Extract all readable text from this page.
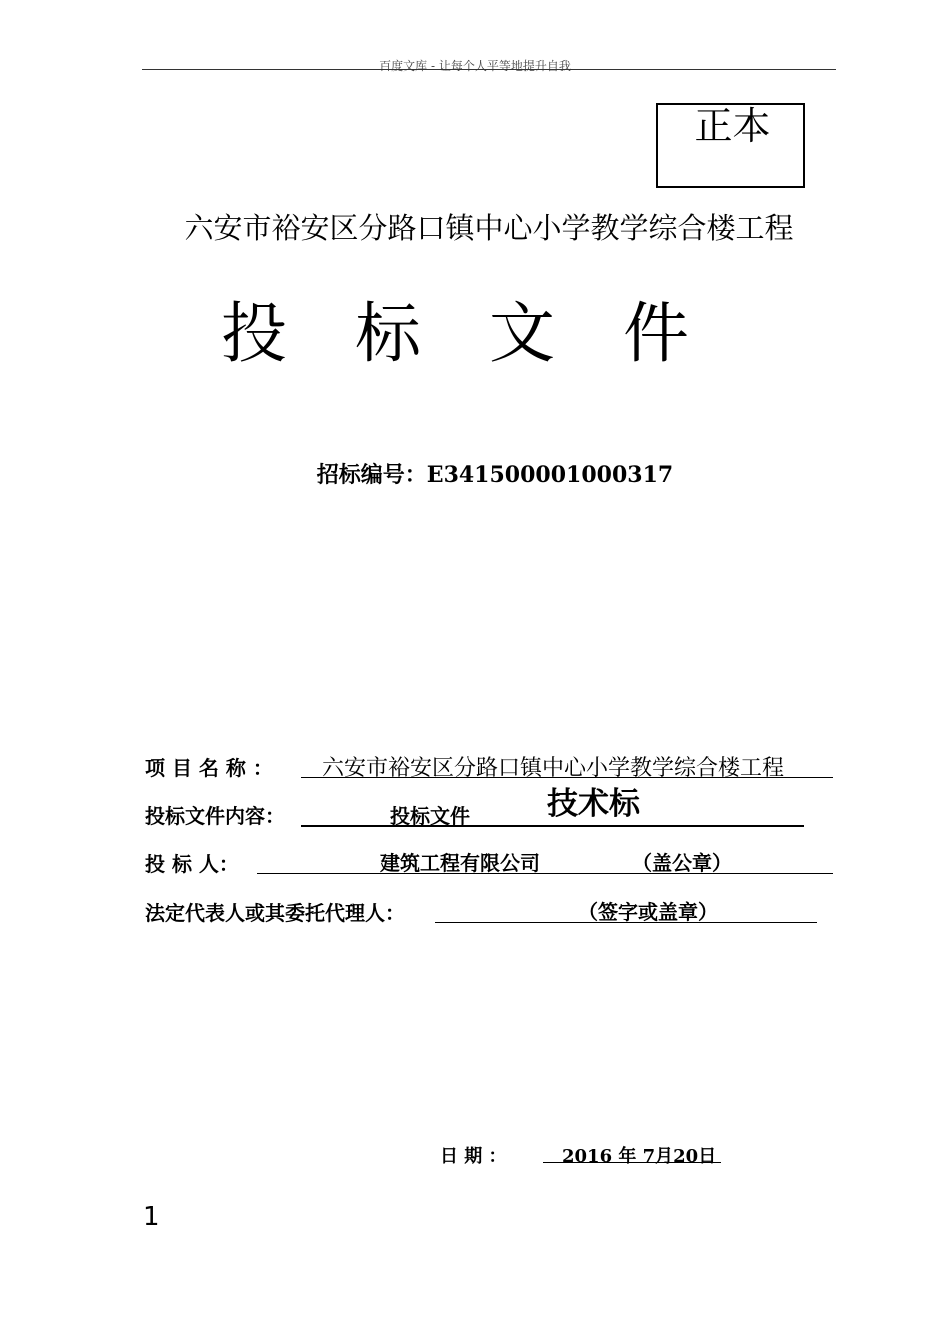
百度文库 - 让每个人平等地提升自我
正本
六安市裕安区分路口镇中心小学教学综合楼工程
投标文件
招标编号：E341500001000317
项 目 名 称 ： 六安市裕安区分路口镇中心小学教学综合楼工程
投标文件内容：	投标文件 技术标
投 标 人：	建筑工程有限公司	（盖公章）
法定代表人或其委托代理人：	（签字或盖章）
日 期 ：	2016 年 7月20日
1
